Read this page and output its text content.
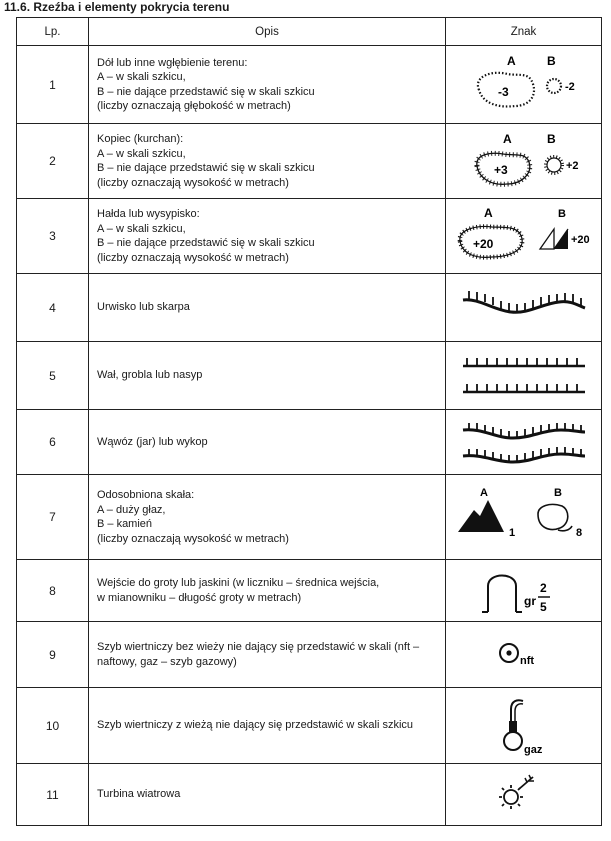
11.6. Rzeźba i elementy pokrycia terenu
Lp.	Opis	Znak
1	Dół lub inne wgłębienie terenu:
A – w skali szkicu,
B – nie dające przedstawić się w skali szkicu
(liczby oznaczają głębokość w metrach)	A B
-3 -2

2	Kopiec (kurchan):
A – w skali szkicu,
B – nie dające przedstawić się w skali szkicu
(liczby oznaczają wysokość w metrach)	A B
+3 +2

3	Hałda lub wysypisko:
A – w skali szkicu,
B – nie dające przedstawić się w skali szkicu
(liczby oznaczają wysokość w metrach)	A B
+20 +20

4	Urwisko lub skarpa

5	Wał, grobla lub nasyp

6	Wąwóz (jar) lub wykop

7	Odosobniona skała:
A – duży głaz,
B – kamień
(liczby oznaczają wysokość w metrach)	A B
1 8

8	Wejście do groty lub jaskini (w liczniku – średnica wejścia,
w mianowniku – długość groty w metrach)	gr
2
5

9	Szyb wiertniczy bez wieży nie dający się przedstawić w skali (nft –
naftowy, gaz – szyb gazowy)	nft

10	Szyb wiertniczy z wieżą nie dający się przedstawić w skali szkicu	gaz

11	Turbina wiatrowa
